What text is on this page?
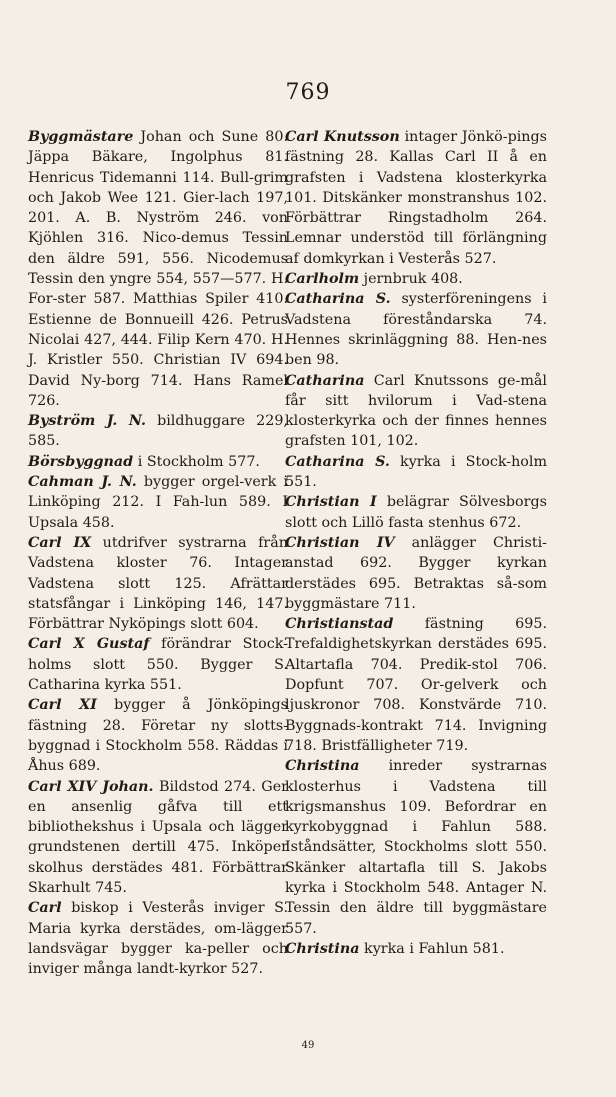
769

Byggmästare Johan och Sune 80. Jäppa Bäkare, Ingolphus 81. Henricus Tidemanni 114. Bull-grim och Jakob Wee 121. Gier-lach 197, 201. A. B. Nyström 246. von Kjöhlen 316. Nico-demus Tessin den äldre 591, 556. Nicodemus Tessin den yngre 554, 557—577. H. For-ster 587. Matthias Spiler 410. Estienne de Bonnueill 426. Petrus Nicolai 427, 444. Filip Kern 470. H. J. Kristler 550. Christian IV 694. David Ny-borg 714. Hans Ramel 726.

Byström J. N. bildhuggare 229, 585.

Börsbyggnad i Stockholm 577.

Cahman J. N. bygger orgel-verk i Linköping 212. I Fah-lun 589. I Upsala 458.

Carl IX utdrifver systrarna från Vadstena kloster 76. Intager Vadstena slott 125. Afrättar statsfångar i Linköping 146, 147. Förbättrar Nyköpings slott 604.

Carl X Gustaf förändrar Stock-holms slott 550. Bygger S. Catharina kyrka 551.

Carl XI bygger å Jönköpings fästning 28. Företar ny slotts-byggnad i Stockholm 558. Räddas i Åhus 689.

Carl XIV Johan. Bildstod 274. Ger en ansenlig gåfva till ett bibliothekshus i Upsala och lägger grundstenen dertill 475. Inköper skolhus derstädes 481. Förbättrar Skarhult 745.

Carl biskop i Vesterås inviger S. Maria kyrka derstädes, om-lägger landsvägar bygger ka-peller och inviger många landt-kyrkor 527.

Carl Knutsson intager Jönkö-pings fästning 28. Kallas Carl II å en grafsten i Vadstena klosterkyrka 101. Ditskänker monstranshus 102. Förbättrar Ringstadholm 264. Lemnar understöd till förlängning af domkyrkan i Vesterås 527.

Carlholm jernbruk 408.

Catharina S. systerföreningens i Vadstena föreståndarska 74. Hennes skrinläggning 88. Hen-nes ben 98.

Catharina Carl Knutssons ge-mål får sitt hvilorum i Vad-stena klosterkyrka och der finnes hennes grafsten 101, 102.

Catharina S. kyrka i Stock-holm 551.

Christian I belägrar Sölvesborgs slott och Lillö fasta stenhus 672.

Christian IV anlägger Christi-anstad 692. Bygger kyrkan derstädes 695. Betraktas så-som byggmästare 711.

Christianstad fästning 695. Trefaldighetskyrkan derstädes 695. Altartafla 704. Predik-stol 706. Dopfunt 707. Or-gelverk och ljuskronor 708. Konstvärde 710. Byggnads-kontrakt 714. Invigning 718. Bristfälligheter 719.

Christina inreder systrarnas klosterhus i Vadstena till krigsmanshus 109. Befordrar en kyrkobyggnad i Fahlun 588. Iståndsätter, Stockholms slott 550. Skänker altartafla till S. Jakobs kyrka i Stockholm 548. Antager N. Tessin den äldre till byggmästare 557.

Christina kyrka i Fahlun 581.

49
